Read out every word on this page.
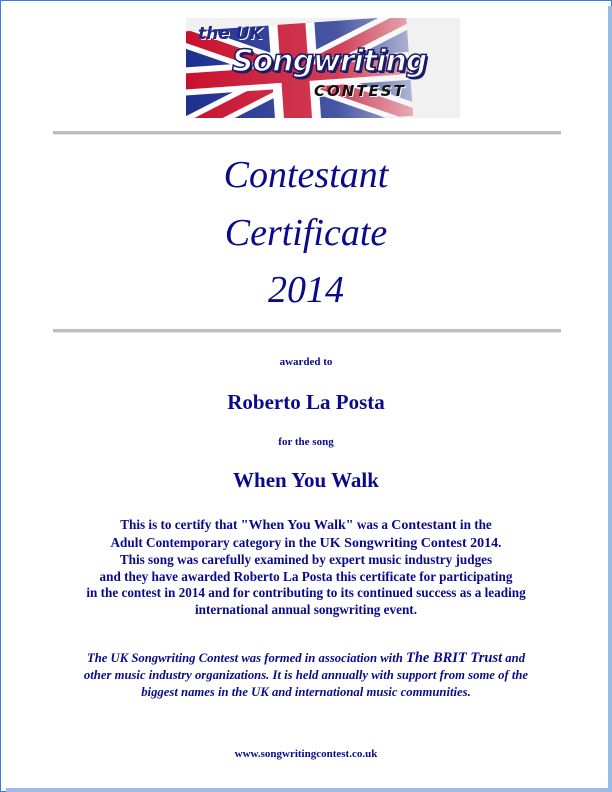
the UK
Songwriting
CONTEST
Contestant
Certificate
2014
awarded to
Roberto La Posta
for the song
When You Walk
This is to certify that "When You Walk" was a Contestant in the
Adult Contemporary category in the UK Songwriting Contest 2014.
This song was carefully examined by expert music industry judges
and they have awarded Roberto La Posta this certificate for participating
in the contest in 2014 and for contributing to its continued success as a leading
international annual songwriting event.
The UK Songwriting Contest was formed in association with The BRIT Trust and
other music industry organizations. It is held annually with support from some of the
biggest names in the UK and international music communities.
www.songwritingcontest.co.uk
